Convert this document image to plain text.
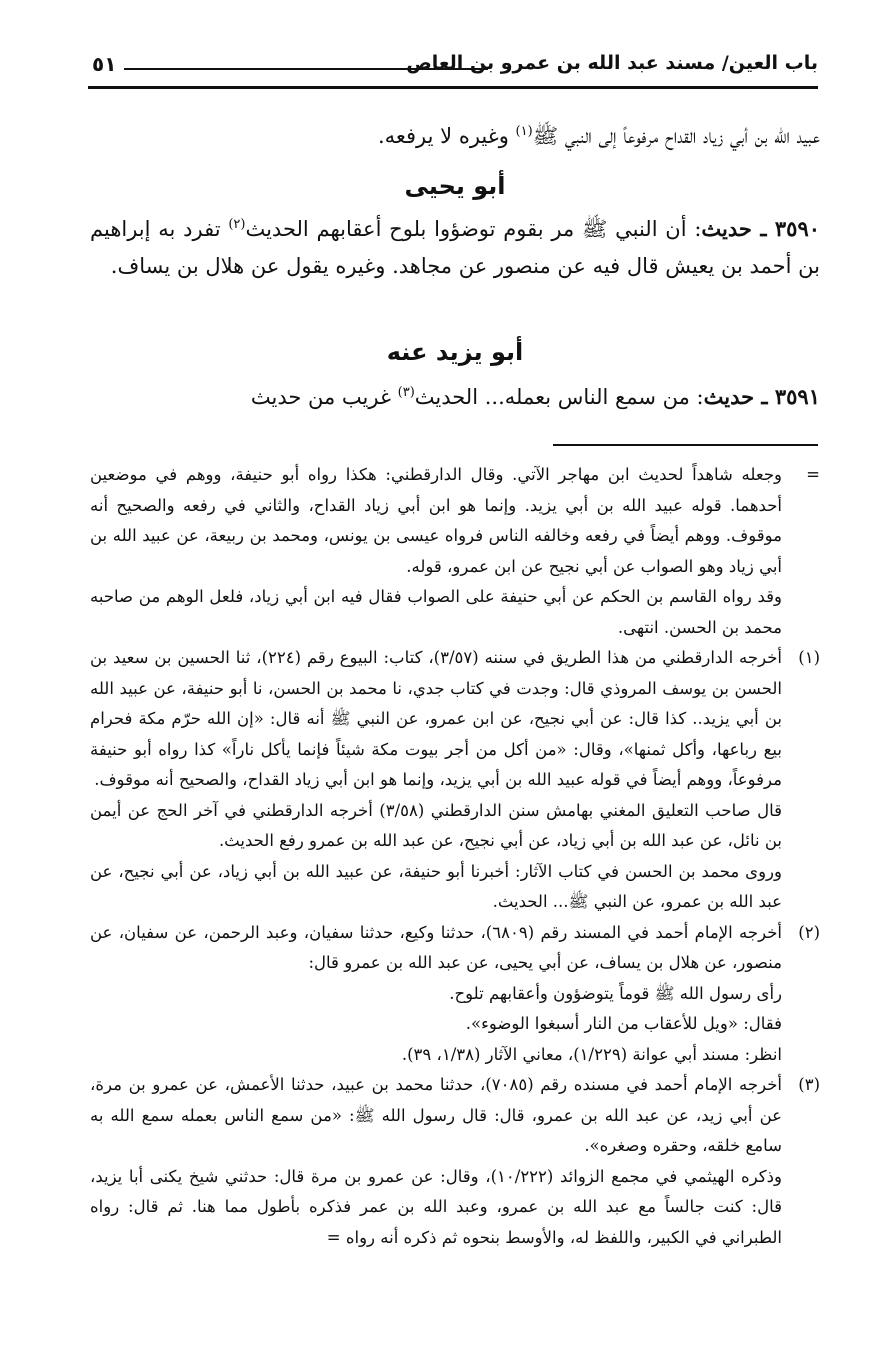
باب العين/ مسند عبد الله بن عمرو بن العاص
٥١
عبيد الله بن أبي زياد القداح مرفوعاً إلى النبي ﷺ$^{(١)}$ وغيره لا يرفعه.
أبو يحيى
٣٥٩٠ ـ حديث: أن النبي ﷺ مر بقوم توضؤوا بلوح أعقابهم الحديث$^{(٢)}$ تفرد به إبراهيم بن أحمد بن يعيش قال فيه عن منصور عن مجاهد. وغيره يقول عن هلال بن يساف.
أبو يزيد عنه
٣٥٩١ ـ حديث: من سمع الناس بعمله... الحديث$^{(٣)}$ غريب من حديث
=

وجعله شاهداً لحديث ابن مهاجر الآتي. وقال الدارقطني: هكذا رواه أبو حنيفة، ووهم في موضعين أحدهما. قوله عبيد الله بن أبي يزيد. وإنما هو ابن أبي زياد القداح، والثاني في رفعه والصحيح أنه موقوف. ووهم أيضاً في رفعه وخالفه الناس فرواه عيسى بن يونس، ومحمد بن ربيعة، عن عبيد الله بن أبي زياد وهو الصواب عن أبي نجيح عن ابن عمرو، قوله.

وقد رواه القاسم بن الحكم عن أبي حنيفة على الصواب فقال فيه ابن أبي زياد، فلعل الوهم من صاحبه محمد بن الحسن. انتهى.

(١)

أخرجه الدارقطني من هذا الطريق في سننه (٣/٥٧)، كتاب: البيوع رقم (٢٢٤)، ثنا الحسين بن سعيد بن الحسن بن يوسف المروذي قال: وجدت في كتاب جدي، نا محمد بن الحسن، نا أبو حنيفة، عن عبيد الله بن أبي يزيد.. كذا قال: عن أبي نجيح، عن ابن عمرو، عن النبي ﷺ أنه قال: «إن الله حرّم مكة فحرام بيع رباعها، وأكل ثمنها»، وقال: «من أكل من أجر بيوت مكة شيئاً فإنما يأكل ناراً» كذا رواه أبو حنيفة مرفوعاً، ووهم أيضاً في قوله عبيد الله بن أبي يزيد، وإنما هو ابن أبي زياد القداح، والصحيح أنه موقوف.

قال صاحب التعليق المغني بهامش سنن الدارقطني (٣/٥٨) أخرجه الدارقطني في آخر الحج عن أيمن بن نائل، عن عبد الله بن أبي زياد، عن أبي نجيح، عن عبد الله بن عمرو رفع الحديث.

وروى محمد بن الحسن في كتاب الآثار: أخبرنا أبو حنيفة، عن عبيد الله بن أبي زياد، عن أبي نجيح، عن عبد الله بن عمرو، عن النبي ﷺ... الحديث.

(٢)

أخرجه الإمام أحمد في المسند رقم (٦٨٠٩)، حدثنا وكيع، حدثنا سفيان، وعبد الرحمن، عن سفيان، عن منصور، عن هلال بن يساف، عن أبي يحيى، عن عبد الله بن عمرو قال:

رأى رسول الله ﷺ قوماً يتوضؤون وأعقابهم تلوح.

فقال: «ويل للأعقاب من النار أسبغوا الوضوء».

انظر: مسند أبي عوانة (١/٢٢٩)، معاني الآثار (١/٣٨، ٣٩).

(٣)

أخرجه الإمام أحمد في مسنده رقم (٧٠٨٥)، حدثنا محمد بن عبيد، حدثنا الأعمش، عن عمرو بن مرة، عن أبي زيد، عن عبد الله بن عمرو، قال: قال رسول الله ﷺ: «من سمع الناس بعمله سمع الله به سامع خلقه، وحقره وصغره».

وذكره الهيثمي في مجمع الزوائد (١٠/٢٢٢)، وقال: عن عمرو بن مرة قال: حدثني شيخ يكنى أبا يزيد، قال: كنت جالساً مع عبد الله بن عمرو، وعبد الله بن عمر فذكره بأطول مما هنا. ثم قال: رواه الطبراني في الكبير، واللفظ له، والأوسط بنحوه ثم ذكره أنه رواه =
